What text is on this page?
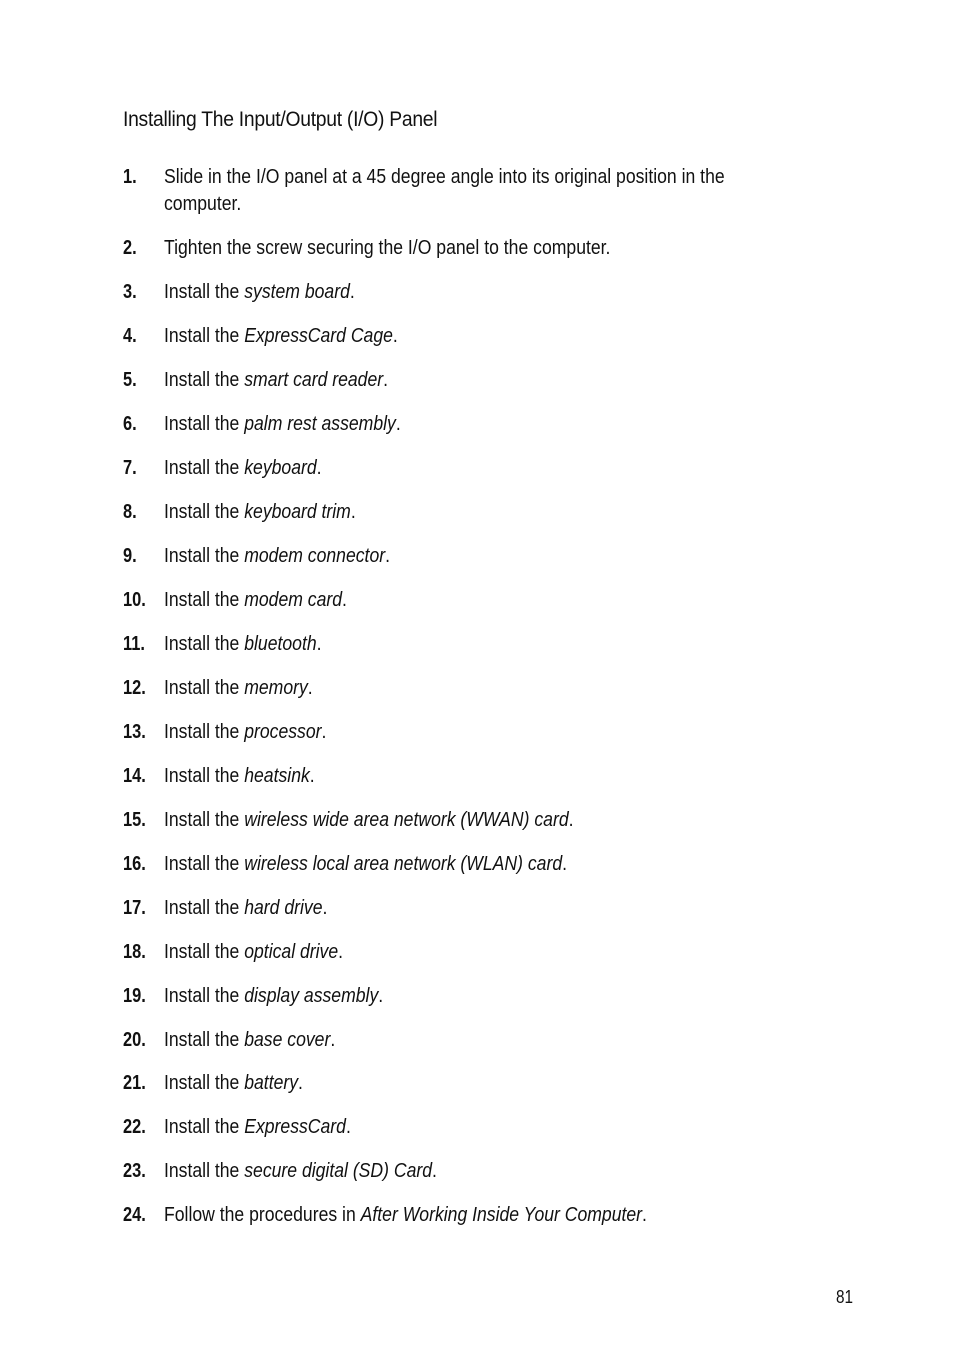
Installing The Input/Output (I/O) Panel
1. Slide in the I/O panel at a 45 degree angle into its original position in the
computer.
2. Tighten the screw securing the I/O panel to the computer.
3. Install the system board.
4. Install the ExpressCard Cage.
5. Install the smart card reader.
6. Install the palm rest assembly.
7. Install the keyboard.
8. Install the keyboard trim.
9. Install the modem connector.
10. Install the modem card.
11. Install the bluetooth.
12. Install the memory.
13. Install the processor.
14. Install the heatsink.
15. Install the wireless wide area network (WWAN) card.
16. Install the wireless local area network (WLAN) card.
17. Install the hard drive.
18. Install the optical drive.
19. Install the display assembly.
20. Install the base cover.
21. Install the battery.
22. Install the ExpressCard.
23. Install the secure digital (SD) Card.
24. Follow the procedures in After Working Inside Your Computer.
81
